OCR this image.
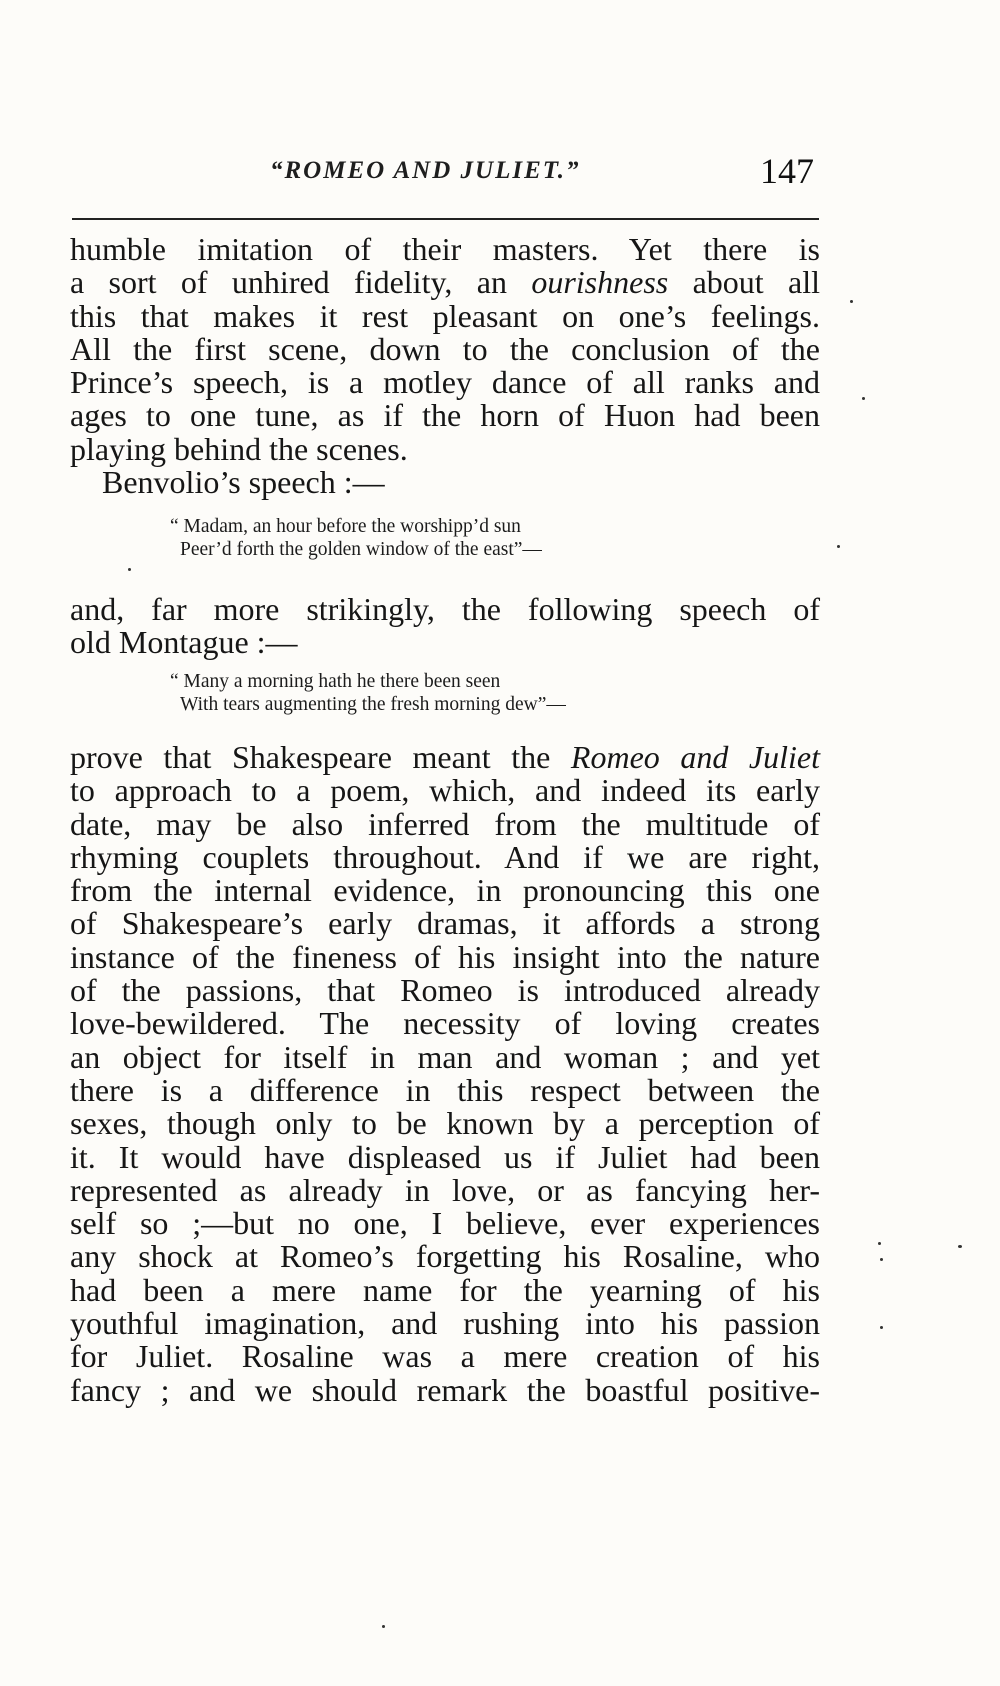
“ROMEO AND JULIET.”	147
humble imitation of their masters. Yet there is
a sort of unhired fidelity, an ourishness about all
this that makes it rest pleasant on one’s feelings.
All the first scene, down to the conclusion of the
Prince’s speech, is a motley dance of all ranks and
ages to one tune, as if the horn of Huon had been
playing behind the scenes.
Benvolio’s speech :—
“ Madam, an hour before the worshipp’d sun
Peer’d forth the golden window of the east”—
and, far more strikingly, the following speech of
old Montague :—
“ Many a morning hath he there been seen
With tears augmenting the fresh morning dew”—
prove that Shakespeare meant the Romeo and Juliet
to approach to a poem, which, and indeed its early
date, may be also inferred from the multitude of
rhyming couplets throughout. And if we are right,
from the internal evidence, in pronouncing this one
of Shakespeare’s early dramas, it affords a strong
instance of the fineness of his insight into the nature
of the passions, that Romeo is introduced already
love-bewildered. The necessity of loving creates
an object for itself in man and woman ; and yet
there is a difference in this respect between the
sexes, though only to be known by a perception of
it. It would have displeased us if Juliet had been
represented as already in love, or as fancying her-
self so ;—but no one, I believe, ever experiences
any shock at Romeo’s forgetting his Rosaline, who
had been a mere name for the yearning of his
youthful imagination, and rushing into his passion
for Juliet. Rosaline was a mere creation of his
fancy ; and we should remark the boastful positive-
